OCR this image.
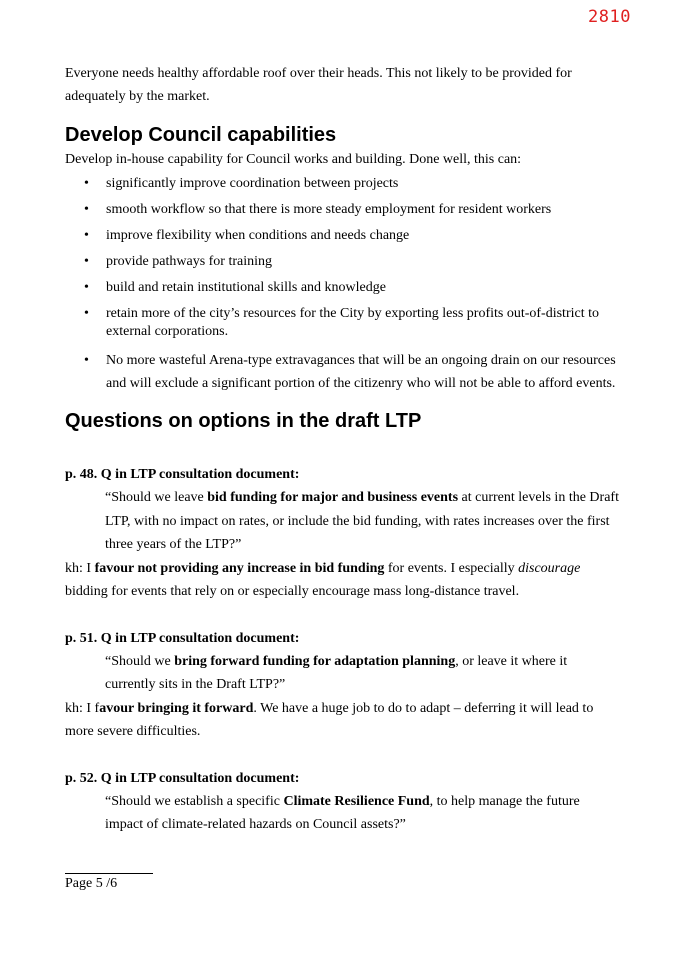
2810

Everyone needs healthy affordable roof over their heads. This not likely to be provided for adequately by the market.

Develop Council capabilities

Develop in-house capability for Council works and building. Done well, this can:

• significantly improve coordination between projects
• smooth workflow so that there is more steady employment for resident workers
• improve flexibility when conditions and needs change
• provide pathways for training
• build and retain institutional skills and knowledge
• retain more of the city’s resources for the City by exporting less profits out-of-district to external corporations.
• No more wasteful Arena-type extravagances that will be an ongoing drain on our resources and will exclude a significant portion of the citizenry who will not be able to afford events.
Questions on options in the draft LTP

p. 48. Q in LTP consultation document:

“Should we leave bid funding for major and business events at current levels in the Draft LTP, with no impact on rates, or include the bid funding, with rates increases over the first three years of the LTP?”

kh: I favour not providing any increase in bid funding for events. I especially discourage bidding for events that rely on or especially encourage mass long-distance travel.

p. 51. Q in LTP consultation document:

“Should we bring forward funding for adaptation planning, or leave it where it currently sits in the Draft LTP?”

kh: I favour bringing it forward. We have a huge job to do to adapt – deferring it will lead to more severe difficulties.

p. 52. Q in LTP consultation document:

“Should we establish a specific Climate Resilience Fund, to help manage the future impact of climate-related hazards on Council assets?”

Page 5 /6
